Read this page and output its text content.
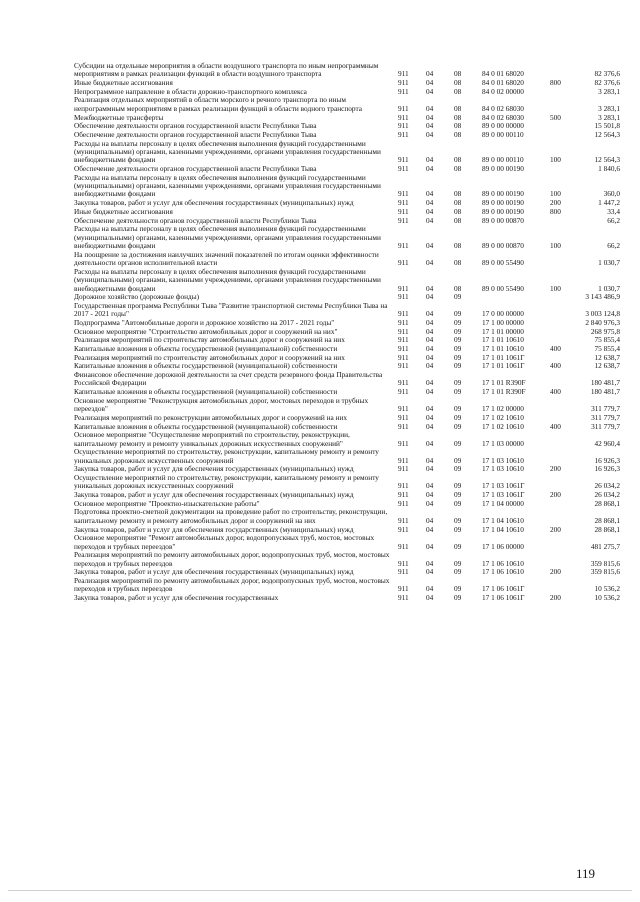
Субсидии на отдельные мероприятия в области воздушного транспорта по иным непрограммным мероприятиям в рамках реализации функций в области воздушного транспорта	911	04	08	84 0 01 68020	82 376,6
Иные бюджетные ассигнования	911	04	08	84 0 01 68020	800	82 376,6
Непрограммное направление в области дорожно-транспортного комплекса	911	04	08	84 0 02 00000	3 283,1
Реализация отдельных мероприятий в области морского и речного транспорта по иным непрограммным мероприятиям в рамках реализации функций в области водного транспорта	911	04	08	84 0 02 68030	3 283,1
Межбюджетные трансферты	911	04	08	84 0 02 68030	500	3 283,1
Обеспечение деятельности органов государственной власти Республики Тыва	911	04	08	89 0 00 00000	15 501,8
Обеспечение деятельности органов государственной власти Республики Тыва	911	04	08	89 0 00 00110	12 564,3
Расходы на выплаты персоналу в целях обеспечения выполнения функций государственными (муниципальными) органами, казенными учреждениями, органами управления государственными внебюджетными фондами	911	04	08	89 0 00 00110	100	12 564,3
Обеспечение деятельности органов государственной власти Республики Тыва	911	04	08	89 0 00 00190	1 840,6
Расходы на выплаты персоналу в целях обеспечения выполнения функций государственными (муниципальными) органами, казенными учреждениями, органами управления государственными внебюджетными фондами	911	04	08	89 0 00 00190	100	360,0
Закупка товаров, работ и услуг для обеспечения государственных (муниципальных) нужд	911	04	08	89 0 00 00190	200	1 447,2
Иные бюджетные ассигнования	911	04	08	89 0 00 00190	800	33,4
Обеспечение деятельности органов государственной власти Республики Тыва	911	04	08	89 0 00 00870	66,2
Расходы на выплаты персоналу в целях обеспечения выполнения функций государственными (муниципальными) органами, казенными учреждениями, органами управления государственными внебюджетными фондами	911	04	08	89 0 00 00870	100	66,2
На поощрение за достижения наилучших значений показателей по итогам оценки эффективности деятельности органов исполнительной власти	911	04	08	89 0 00 55490	1 030,7
Расходы на выплаты персоналу в целях обеспечения выполнения функций государственными (муниципальными) органами, казенными учреждениями, органами управления государственными внебюджетными фондами	911	04	08	89 0 00 55490	100	1 030,7
Дорожное хозяйство (дорожные фонды)	911	04	09	3 143 486,9
Государственная программа Республики Тыва "Развитие транспортной системы Республики Тыва на 2017 - 2021 годы"	911	04	09	17 0 00 00000	3 003 124,8
Подпрограмма "Автомобильные дороги и дорожное хозяйство на 2017 - 2021 годы"	911	04	09	17 1 00 00000	2 840 976,3
Основное мероприятие "Строительство автомобильных дорог и сооружений на них"	911	04	09	17 1 01 00000	268 975,8
Реализация мероприятий по строительству автомобильных дорог и сооружений на них	911	04	09	17 1 01 10610	75 855,4
Капитальные вложения в объекты государственной (муниципальной) собственности	911	04	09	17 1 01 10610	400	75 855,4
Реализация мероприятий по строительству автомобильных дорог и сооружений на них	911	04	09	17 1 01 1061Г	12 638,7
Капитальные вложения в объекты государственной (муниципальной) собственности	911	04	09	17 1 01 1061Г	400	12 638,7
Финансовое обеспечение дорожной деятельности за счет средств резервного фонда Правительства Российской Федерации	911	04	09	17 1 01 R390F	180 481,7
Капитальные вложения в объекты государственной (муниципальной) собственности	911	04	09	17 1 01 R390F	400	180 481,7
Основное мероприятие "Реконструкция автомобильных дорог, мостовых переходов и трубных переездов"	911	04	09	17 1 02 00000	311 779,7
Реализация мероприятий по реконструкции автомобильных дорог и сооружений на них	911	04	09	17 1 02 10610	311 779,7
Капитальные вложения в объекты государственной (муниципальной) собственности	911	04	09	17 1 02 10610	400	311 779,7
Основное мероприятие "Осуществление мероприятий по строительству, реконструкции, капитальному ремонту и ремонту уникальных дорожных искусственных сооружений"	911	04	09	17 1 03 00000	42 960,4
Осуществление мероприятий по строительству, реконструкции, капитальному ремонту и ремонту уникальных дорожных искусственных сооружений	911	04	09	17 1 03 10610	16 926,3
Закупка товаров, работ и услуг для обеспечения государственных (муниципальных) нужд	911	04	09	17 1 03 10610	200	16 926,3
Осуществление мероприятий по строительству, реконструкции, капитальному ремонту и ремонту уникальных дорожных искусственных сооружений	911	04	09	17 1 03 1061Г	26 034,2
Закупка товаров, работ и услуг для обеспечения государственных (муниципальных) нужд	911	04	09	17 1 03 1061Г	200	26 034,2
Основное мероприятие "Проектно-изыскательские работы"	911	04	09	17 1 04 00000	28 868,1
Подготовка проектно-сметной документации на проведение работ по строительству, реконструкции, капитальному ремонту и ремонту автомобильных дорог и сооружений на них	911	04	09	17 1 04 10610	28 868,1
Закупка товаров, работ и услуг для обеспечения государственных (муниципальных) нужд	911	04	09	17 1 04 10610	200	28 868,1
Основное мероприятие "Ремонт автомобильных дорог, водопропускных труб, мостов, мостовых переходов и трубных переездов"	911	04	09	17 1 06 00000	481 275,7
Реализация мероприятий по ремонту автомобильных дорог, водопропускных труб, мостов, мостовых переходов и трубных переездов	911	04	09	17 1 06 10610	359 815,6
Закупка товаров, работ и услуг для обеспечения государственных (муниципальных) нужд	911	04	09	17 1 06 10610	200	359 815,6
Реализация мероприятий по ремонту автомобильных дорог, водопропускных труб, мостов, мостовых переходов и трубных переездов	911	04	09	17 1 06 1061Г	10 536,2
Закупка товаров, работ и услуг для обеспечения государственных	911	04	09	17 1 06 1061Г	200	10 536,2
119
